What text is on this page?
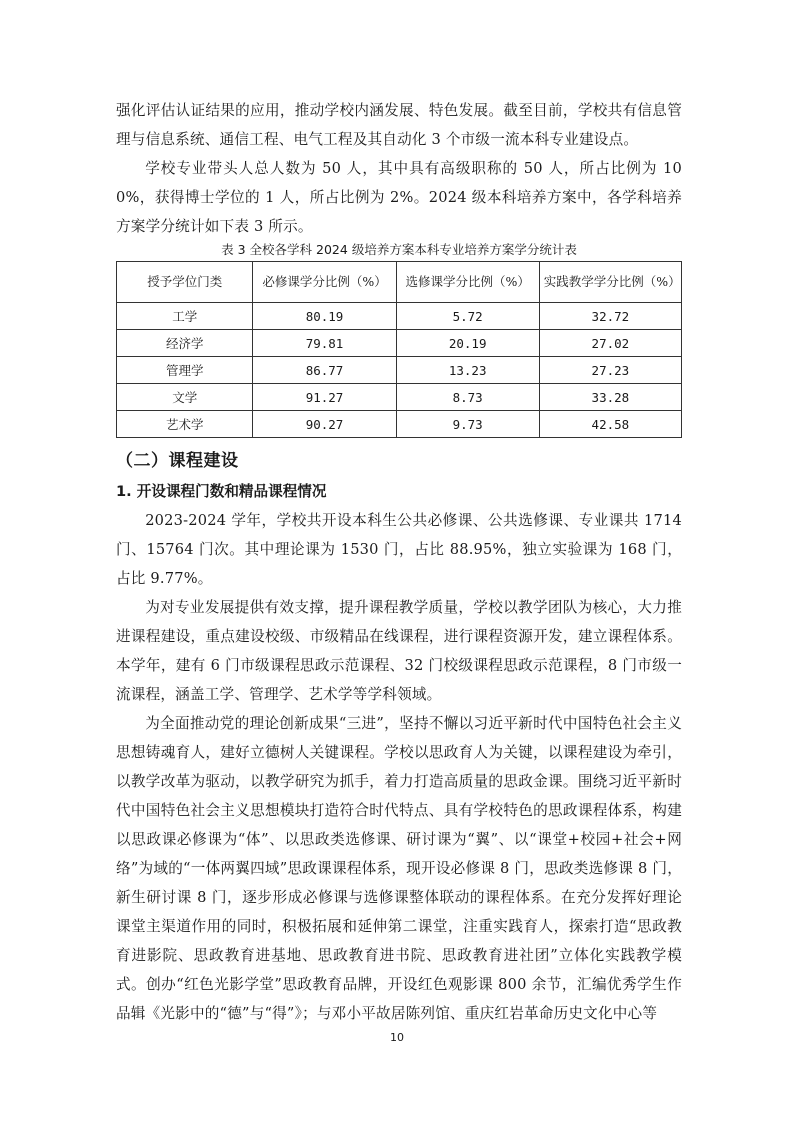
强化评估认证结果的应用，推动学校内涵发展、特色发展。截至目前，学校共有信息管理与信息系统、通信工程、电气工程及其自动化 3 个市级一流本科专业建设点。

学校专业带头人总人数为 50 人，其中具有高级职称的 50 人，所占比例为 100%，获得博士学位的 1 人，所占比例为 2%。2024 级本科培养方案中，各学科培养方案学分统计如下表 3 所示。

表 3 全校各学科 2024 级培养方案本科专业培养方案学分统计表

授予学位门类	必修课学分比例（%）	选修课学分比例（%）	实践教学学分比例（%）
工学	80.19	5.72	32.72
经济学	79.81	20.19	27.02
管理学	86.77	13.23	27.23
文学	91.27	8.73	33.28
艺术学	90.27	9.73	42.58
（二）课程建设
1. 开设课程门数和精品课程情况

2023-2024 学年，学校共开设本科生公共必修课、公共选修课、专业课共 1714 门、15764 门次。其中理论课为 1530 门，占比 88.95%，独立实验课为 168 门，占比 9.77%。

为对专业发展提供有效支撑，提升课程教学质量，学校以教学团队为核心，大力推进课程建设，重点建设校级、市级精品在线课程，进行课程资源开发，建立课程体系。本学年，建有 6 门市级课程思政示范课程、32 门校级课程思政示范课程，8 门市级一流课程，涵盖工学、管理学、艺术学等学科领域。

为全面推动党的理论创新成果“三进”，坚持不懈以习近平新时代中国特色社会主义思想铸魂育人，建好立德树人关键课程。学校以思政育人为关键，以课程建设为牵引，以教学改革为驱动，以教学研究为抓手，着力打造高质量的思政金课。围绕习近平新时代中国特色社会主义思想模块打造符合时代特点、具有学校特色的思政课程体系，构建以思政课必修课为“体”、以思政类选修课、研讨课为“翼”、以“课堂+校园+社会+网络”为域的“一体两翼四域”思政课课程体系，现开设必修课 8 门，思政类选修课 8 门，新生研讨课 8 门，逐步形成必修课与选修课整体联动的课程体系。在充分发挥好理论课堂主渠道作用的同时，积极拓展和延伸第二课堂，注重实践育人，探索打造“思政教育进影院、思政教育进基地、思政教育进书院、思政教育进社团”立体化实践教学模式。创办“红色光影学堂”思政教育品牌，开设红色观影课 800 余节，汇编优秀学生作品辑《光影中的“德”与“得”》；与邓小平故居陈列馆、重庆红岩革命历史文化中心等

10
